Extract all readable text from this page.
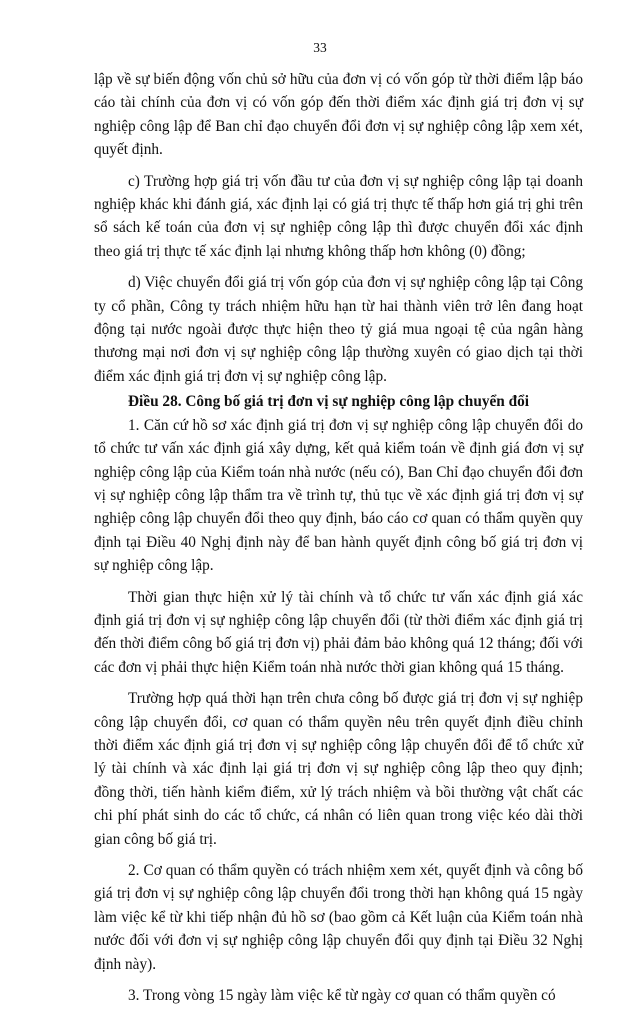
33

lập về sự biến động vốn chủ sở hữu của đơn vị có vốn góp từ thời điểm lập báo cáo tài chính của đơn vị có vốn góp đến thời điểm xác định giá trị đơn vị sự nghiệp công lập để Ban chỉ đạo chuyển đổi đơn vị sự nghiệp công lập xem xét, quyết định.

c) Trường hợp giá trị vốn đầu tư của đơn vị sự nghiệp công lập tại doanh nghiệp khác khi đánh giá, xác định lại có giá trị thực tế thấp hơn giá trị ghi trên sổ sách kế toán của đơn vị sự nghiệp công lập thì được chuyển đổi xác định theo giá trị thực tế xác định lại nhưng không thấp hơn không (0) đồng;

d) Việc chuyển đổi giá trị vốn góp của đơn vị sự nghiệp công lập tại Công ty cổ phần, Công ty trách nhiệm hữu hạn từ hai thành viên trở lên đang hoạt động tại nước ngoài được thực hiện theo tỷ giá mua ngoại tệ của ngân hàng thương mại nơi đơn vị sự nghiệp công lập thường xuyên có giao dịch tại thời điểm xác định giá trị đơn vị sự nghiệp công lập.

Điều 28. Công bố giá trị đơn vị sự nghiệp công lập chuyển đổi

1. Căn cứ hồ sơ xác định giá trị đơn vị sự nghiệp công lập chuyển đổi do tổ chức tư vấn xác định giá xây dựng, kết quả kiểm toán về định giá đơn vị sự nghiệp công lập của Kiểm toán nhà nước (nếu có), Ban Chỉ đạo chuyển đổi đơn vị sự nghiệp công lập thẩm tra về trình tự, thủ tục về xác định giá trị đơn vị sự nghiệp công lập chuyển đổi theo quy định, báo cáo cơ quan có thẩm quyền quy định tại Điều 40 Nghị định này để ban hành quyết định công bố giá trị đơn vị sự nghiệp công lập.

Thời gian thực hiện xử lý tài chính và tổ chức tư vấn xác định giá xác định giá trị đơn vị sự nghiệp công lập chuyển đổi (từ thời điểm xác định giá trị đến thời điểm công bố giá trị đơn vị) phải đảm bảo không quá 12 tháng; đối với các đơn vị phải thực hiện Kiểm toán nhà nước thời gian không quá 15 tháng.

Trường hợp quá thời hạn trên chưa công bố được giá trị đơn vị sự nghiệp công lập chuyển đổi, cơ quan có thẩm quyền nêu trên quyết định điều chỉnh thời điểm xác định giá trị đơn vị sự nghiệp công lập chuyển đổi để tổ chức xử lý tài chính và xác định lại giá trị đơn vị sự nghiệp công lập theo quy định; đồng thời, tiến hành kiểm điểm, xử lý trách nhiệm và bồi thường vật chất các chi phí phát sinh do các tổ chức, cá nhân có liên quan trong việc kéo dài thời gian công bố giá trị.

2. Cơ quan có thẩm quyền có trách nhiệm xem xét, quyết định và công bố giá trị đơn vị sự nghiệp công lập chuyển đổi trong thời hạn không quá 15 ngày làm việc kể từ khi tiếp nhận đủ hồ sơ (bao gồm cả Kết luận của Kiểm toán nhà nước đối với đơn vị sự nghiệp công lập chuyển đổi quy định tại Điều 32 Nghị định này).

3. Trong vòng 15 ngày làm việc kể từ ngày cơ quan có thẩm quyền có
